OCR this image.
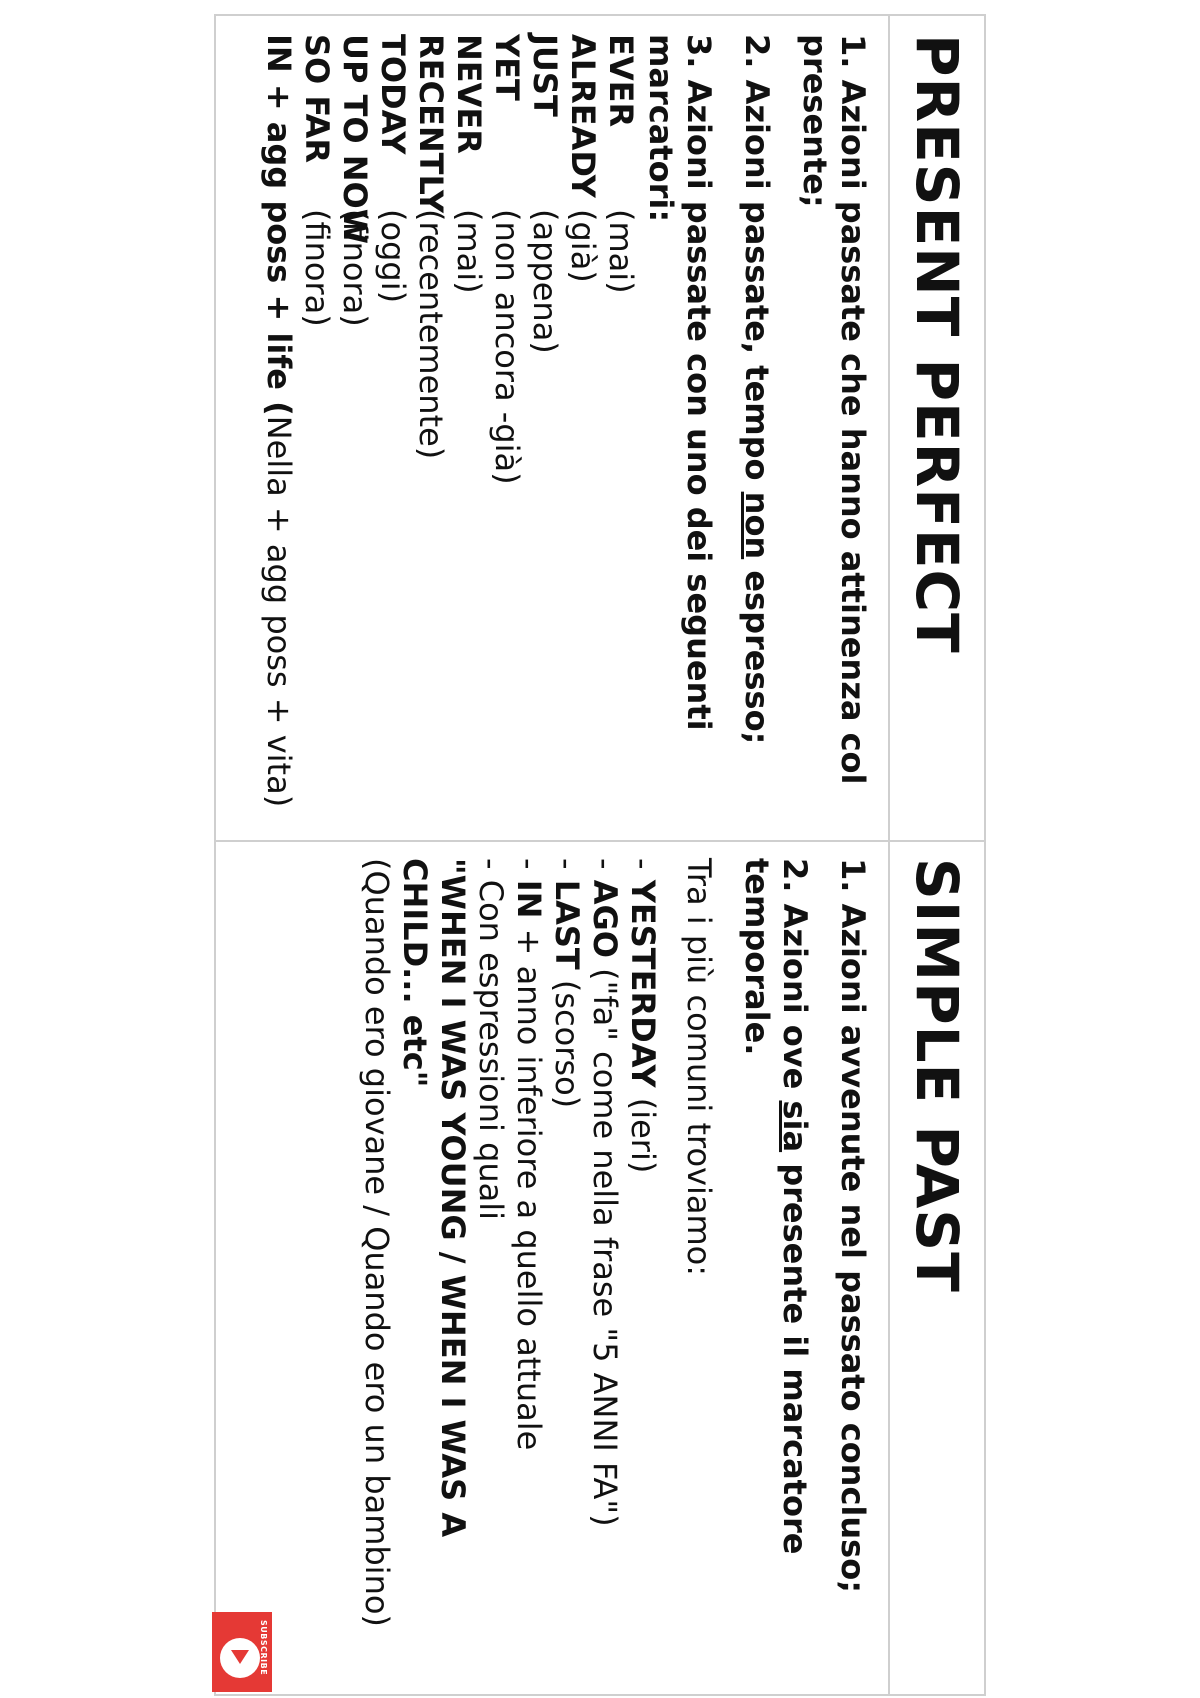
PRESENT PERFECT
SIMPLE PAST
1. Azioni passate che hanno attinenza col presente;
2. Azioni passate, tempo non espresso;
3. Azioni passate con uno dei seguenti marcatori:
EVER
(mai)
ALREADY
(già)
JUST
(appena)
YET
(non ancora -già)
NEVER
(mai)
RECENTLY
(recentemente)
TODAY
(oggi)
UP TO NOW
(finora)
SO FAR
(finora)
IN + agg poss + life (Nella + agg poss + vita)
1. Azioni avvenute nel passato concluso;
2. Azioni ove sia presente il marcatore temporale.
Tra i più comuni troviamo:
- YESTERDAY (ieri)
- AGO ("fa" come nella frase "5 ANNI FA")
- LAST (scorso)
- IN + anno inferiore a quello attuale
- Con espressioni quali
"WHEN I WAS YOUNG / WHEN I WAS A
CHILD... etc"
(Quando ero giovane / Quando ero un bambino)
SUBSCRIBE
